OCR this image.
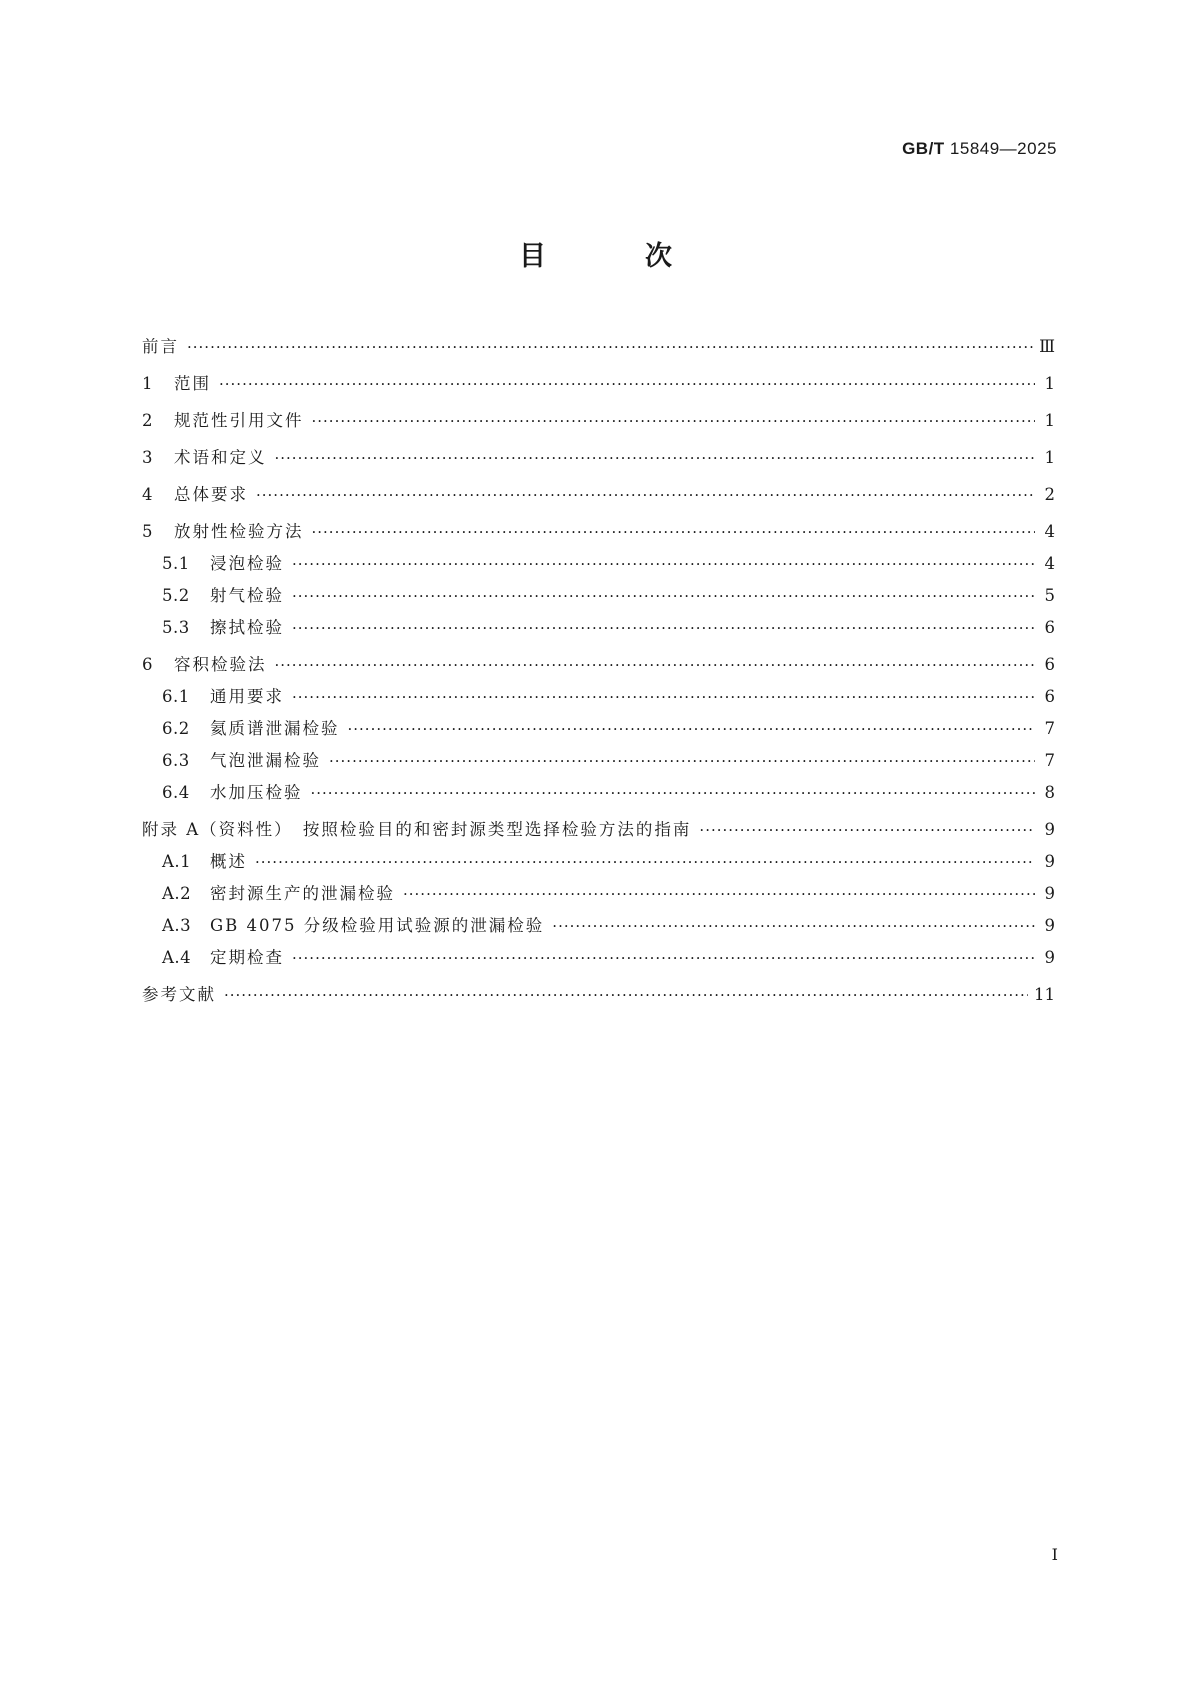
GB/T 15849—2025
目　次
前言 ·····	Ⅲ
1	范围 ·····	1
2	规范性引用文件 ·····	1
3	术语和定义 ·····	1
4	总体要求 ·····	2
5	放射性检验方法 ·····	4
5.1	浸泡检验 ·····	4
5.2	射气检验 ·····	5
5.3	擦拭检验 ·····	6
6	容积检验法 ·····	6
6.1	通用要求 ·····	6
6.2	氦质谱泄漏检验 ·····	7
6.3	气泡泄漏检验 ·····	7
6.4	水加压检验 ·····	8
附录 A（资料性）　按照检验目的和密封源类型选择检验方法的指南 ·····	9
A.1	概述 ·····	9
A.2	密封源生产的泄漏检验 ·····	9
A.3	GB 4075 分级检验用试验源的泄漏检验 ·····	9
A.4	定期检查 ·····	9
参考文献 ·····	11
Ⅰ
